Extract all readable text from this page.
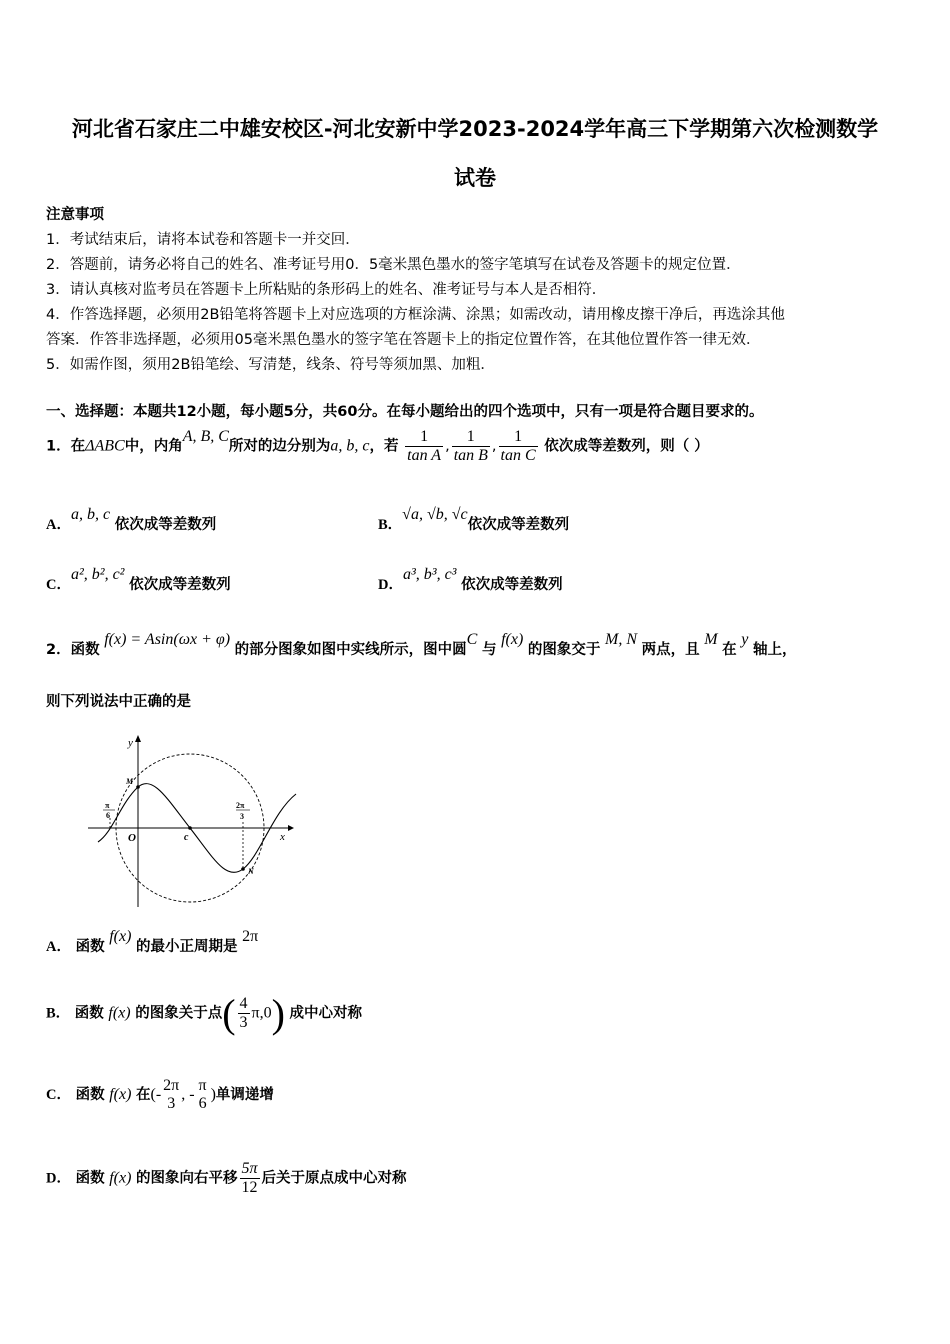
河北省石家庄二中雄安校区-河北安新中学2023-2024学年高三下学期第六次检测数学
试卷
注意事项
1．考试结束后，请将本试卷和答题卡一并交回．
2．答题前，请务必将自己的姓名、准考证号用0．5毫米黑色墨水的签字笔填写在试卷及答题卡的规定位置．
3．请认真核对监考员在答题卡上所粘贴的条形码上的姓名、准考证号与本人是否相符．
4．作答选择题，必须用2B铅笔将答题卡上对应选项的方框涂满、涂黑；如需改动，请用橡皮擦干净后，再选涂其他
答案．作答非选择题，必须用05毫米黑色墨水的签字笔在答题卡上的指定位置作答，在其他位置作答一律无效．
5．如需作图，须用2B铅笔绘、写清楚，线条、符号等须加黑、加粗．
一、选择题：本题共12小题，每小题5分，共60分。在每小题给出的四个选项中，只有一项是符合题目要求的。
1．在ΔABC中，内角A, B, C所对的边分别为a, b, c，若 $\frac{1}{\text{tan A}}$ , $\frac{1}{\text{tan B}}$ , $\frac{1}{\text{tan C}}$ 依次成等差数列，则（ ）
A．a, b, c 依次成等差数列	B．√a, √b, √c依次成等差数列
C．a², b², c² 依次成等差数列	D．a³, b³, c³ 依次成等差数列
2．函数 f(x) = Asin(ωx + φ) 的部分图象如图中实线所示，图中圆C 与 f(x) 的图象交于 M, N 两点，且 M 在 y 轴上，
则下列说法中正确的是
y
x
O
M
N
c
π
6
2π
3
A． 函数 f(x) 的最小正周期是 2π
B． 函数 f(x) 的图象关于点( $\frac{4}{3} \pi,0$) 成中心对称
C． 函数 f(x) 在(-
2π
3
, -
π
6
)单调递增
D． 函数 f(x) 的图象向右平移 $\frac{5\pi}{12}$ 后关于原点成中心对称
